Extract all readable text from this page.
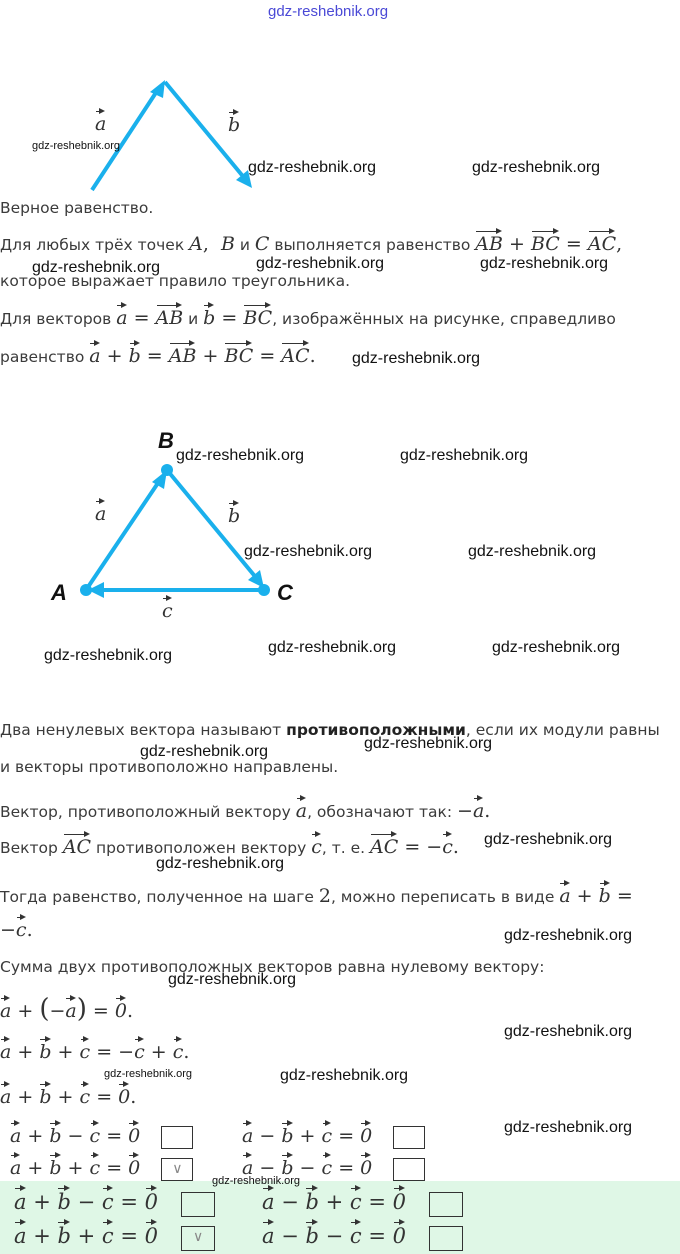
gdz-reshebnik.org
a	b
gdz-reshebnik.org
gdz-reshebnik.org	gdz-reshebnik.org
Верное равенство.
Для любых трёх точек A,  B и C выполняется равенство AB + BC = AC,
gdz-reshebnik.org	gdz-reshebnik.org	gdz-reshebnik.org
которое выражает правило треугольника.
Для векторов a = AB и b = BC, изображённых на рисунке, справедливо
равенство a + b = AB + BC = AC. gdz-reshebnik.org
B
A	C
a	b
c
gdz-reshebnik.org	gdz-reshebnik.org
gdz-reshebnik.org	gdz-reshebnik.org
gdz-reshebnik.org	gdz-reshebnik.org	gdz-reshebnik.org
Два ненулевых вектора называют противоположными, если их модули равны
gdz-reshebnik.org	gdz-reshebnik.org
и векторы противоположно направлены.
Вектор, противоположный вектору a, обозначают так: −a.
Вектор AC противоположен вектору c, т. е. AC = −c. gdz-reshebnik.org
gdz-reshebnik.org
Тогда равенство, полученное на шаге 2, можно переписать в виде a + b =
−c.	gdz-reshebnik.org
Сумма двух противоположных векторов равна нулевому вектору:
gdz-reshebnik.org
a + (−a) = 0.
gdz-reshebnik.org
a + b + c = −c + c.
gdz-reshebnik.org	gdz-reshebnik.org
a + b + c = 0.
a + b − c = 0	a − b + c = 0	gdz-reshebnik.org
a + b + c = 0 ∨	a − b − c = 0
gdz-reshebnik.org
a + b − c = 0	a − b + c = 0
a + b + c = 0 ∨	a − b − c = 0
